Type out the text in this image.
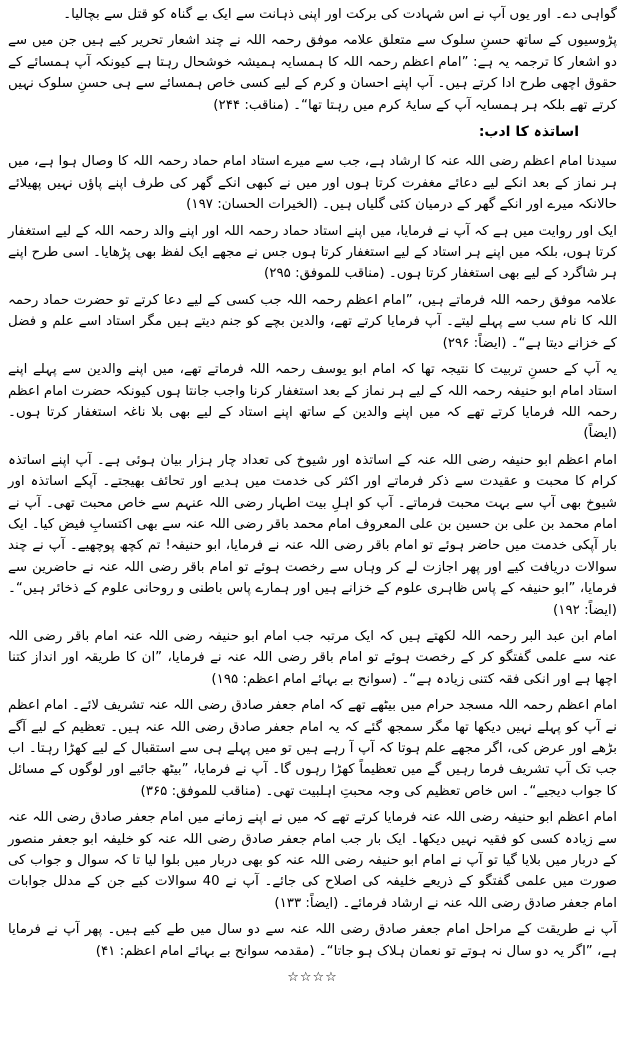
گواہی دے۔ اور یوں آپ نے اس شہادت کی برکت اور اپنی ذہانت سے ایک بے گناہ کو قتل سے بچالیا۔

پڑوسیوں کے ساتھ حسنِ سلوک سے متعلق علامہ موفق رحمہ اللہ نے چند اشعار تحریر کیے ہیں جن میں سے دو اشعار کا ترجمہ یہ ہے: ”امام اعظم رحمہ اللہ کا ہمسایہ ہمیشہ خوشحال رہتا ہے کیونکہ آپ ہمسائے کے حقوق اچھی طرح ادا کرتے ہیں۔ آپ اپنے احسان و کرم کے لیے کسی خاص ہمسائے سے ہی حسنِ سلوک نہیں کرتے تھے بلکہ ہر ہمسایہ آپ کے سایۂ کرم میں رہتا تھا“۔ (مناقب: ۲۴۴)

اساتذہ کا ادب:

سیدنا امام اعظم رضی اللہ عنہ کا ارشاد ہے، جب سے میرے استاد امام حماد رحمہ اللہ کا وصال ہوا ہے، میں ہر نماز کے بعد انکے لیے دعائے مغفرت کرتا ہوں اور میں نے کبھی انکے گھر کی طرف اپنے پاؤں نہیں پھیلائے حالانکہ میرے اور انکے گھر کے درمیان کئی گلیاں ہیں۔ (الخیرات الحسان: ۱۹۷)

ایک اور روایت میں ہے کہ آپ نے فرمایا، میں اپنے استاد حماد رحمہ اللہ اور اپنے والد رحمہ اللہ کے لیے استغفار کرتا ہوں، بلکہ میں اپنے ہر استاد کے لیے استغفار کرتا ہوں جس نے مجھے ایک لفظ بھی پڑھایا۔ اسی طرح اپنے ہر شاگرد کے لیے بھی استغفار کرتا ہوں۔ (مناقب للموفق: ۲۹۵)

علامہ موفق رحمہ اللہ فرماتے ہیں، ”امام اعظم رحمہ اللہ جب کسی کے لیے دعا کرتے تو حضرت حماد رحمہ اللہ کا نام سب سے پہلے لیتے۔ آپ فرمایا کرتے تھے، والدین بچے کو جنم دیتے ہیں مگر استاد اسے علم و فضل کے خزانے دیتا ہے“۔ (ایضاً: ۲۹۶)

یہ آپ کے حسنِ تربیت کا نتیجہ تھا کہ امام ابو یوسف رحمہ اللہ فرماتے تھے، میں اپنے والدین سے پہلے اپنے استاد امام ابو حنیفہ رحمہ اللہ کے لیے ہر نماز کے بعد استغفار کرنا واجب جانتا ہوں کیونکہ حضرت امام اعظم رحمہ اللہ فرمایا کرتے تھے کہ میں اپنے والدین کے ساتھ اپنے استاد کے لیے بھی بلا ناغہ استغفار کرتا ہوں۔ (ایضاً)

امام اعظم ابو حنیفہ رضی اللہ عنہ کے اساتذہ اور شیوخ کی تعداد چار ہزار بیان ہوئی ہے۔ آپ اپنے اساتذہ کرام کا محبت و عقیدت سے ذکر فرماتے اور اکثر کی خدمت میں ہدیے اور تحائف بھیجتے۔ آپکے اساتذہ اور شیوخ بھی آپ سے بہت محبت فرماتے۔ آپ کو اہلِ بیت اطہار رضی اللہ عنہم سے خاص محبت تھی۔ آپ نے امام محمد بن علی بن حسین بن علی المعروف امام محمد باقر رضی اللہ عنہ سے بھی اکتسابِ فیض کیا۔ ایک بار آپکی خدمت میں حاضر ہوئے تو امام باقر رضی اللہ عنہ نے فرمایا، ابو حنیفہ! تم کچھ پوچھیے۔ آپ نے چند سوالات دریافت کیے اور پھر اجازت لے کر وہاں سے رخصت ہوئے تو امام باقر رضی اللہ عنہ نے حاضرین سے فرمایا، ”ابو حنیفہ کے پاس ظاہری علوم کے خزانے ہیں اور ہمارے پاس باطنی و روحانی علوم کے ذخائر ہیں“۔ (ایضاً: ۱۹۲)

امام ابن عبد البر رحمہ اللہ لکھتے ہیں کہ ایک مرتبہ جب امام ابو حنیفہ رضی اللہ عنہ امام باقر رضی اللہ عنہ سے علمی گفتگو کر کے رخصت ہوئے تو امام باقر رضی اللہ عنہ نے فرمایا، ”ان کا طریقہ اور انداز کتنا اچھا ہے اور انکی فقہ کتنی زیادہ ہے“۔ (سوانح بے بہائے امام اعظم: ۱۹۵)

امام اعظم رحمہ اللہ مسجد حرام میں بیٹھے تھے کہ امام جعفر صادق رضی اللہ عنہ تشریف لائے۔ امام اعظم نے آپ کو پہلے نہیں دیکھا تھا مگر سمجھ گئے کہ یہ امام جعفر صادق رضی اللہ عنہ ہیں۔ تعظیم کے لیے آگے بڑھے اور عرض کی، اگر مجھے علم ہوتا کہ آپ آ رہے ہیں تو میں پہلے ہی سے استقبال کے لیے کھڑا رہتا۔ اب جب تک آپ تشریف فرما رہیں گے میں تعظیماً کھڑا رہوں گا۔ آپ نے فرمایا، ”بیٹھ جائیے اور لوگوں کے مسائل کا جواب دیجیے“۔ اس خاص تعظیم کی وجہ محبتِ اہلبیت تھی۔ (مناقب للموفق: ۳۶۵)

امام اعظم ابو حنیفہ رضی اللہ عنہ فرمایا کرتے تھے کہ میں نے اپنے زمانے میں امام جعفر صادق رضی اللہ عنہ سے زیادہ کسی کو فقیہ نہیں دیکھا۔ ایک بار جب امام جعفر صادق رضی اللہ عنہ کو خلیفہ ابو جعفر منصور کے دربار میں بلایا گیا تو آپ نے امام ابو حنیفہ رضی اللہ عنہ کو بھی دربار میں بلوا لیا تا کہ سوال و جواب کی صورت میں علمی گفتگو کے ذریعے خلیفہ کی اصلاح کی جائے۔ آپ نے 40 سوالات کیے جن کے مدلل جوابات امام جعفر صادق رضی اللہ عنہ نے ارشاد فرمائے۔ (ایضاً: ۱۳۳)

آپ نے طریقت کے مراحل امام جعفر صادق رضی اللہ عنہ سے دو سال میں طے کیے ہیں۔ پھر آپ نے فرمایا ہے، ”اگر یہ دو سال نہ ہوتے تو نعمان ہلاک ہو جاتا“۔ (مقدمہ سوانح بے بہائے امام اعظم: ۴۱)

☆☆☆☆
